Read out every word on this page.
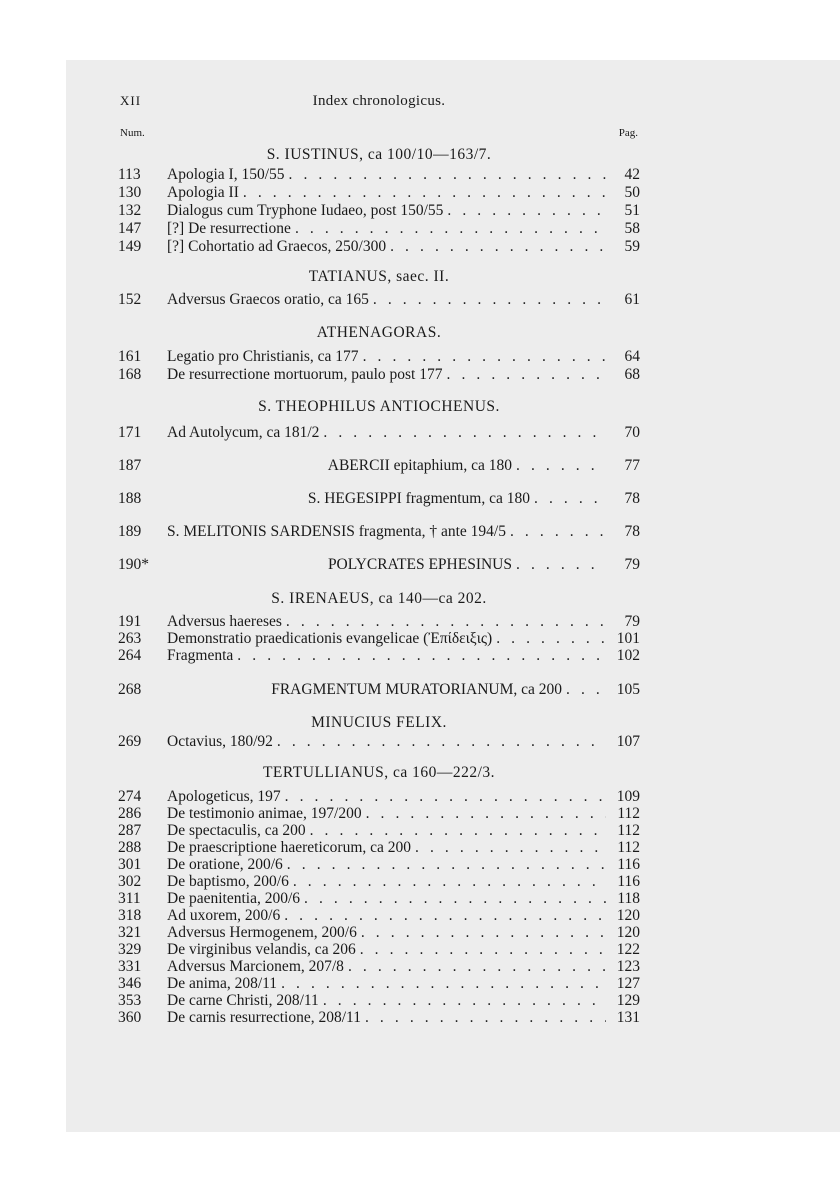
XII	Index chronologicus.
Num.	Pag.
S. IUSTINUS, ca 100/10—163/7.
113	Apologia I, 150/55 . . .	42
130	Apologia II . . .	50
132	Dialogus cum Tryphone Iudaeo, post 150/55 . . .	51
147	[?] De resurrectione . . .	58
149	[?] Cohortatio ad Graecos, 250/300 . . .	59
TATIANUS, saec. II.
152	Adversus Graecos oratio, ca 165 . . .	61
ATHENAGORAS.
161	Legatio pro Christianis, ca 177 . . .	64
168	De resurrectione mortuorum, paulo post 177 . . .	68
S. THEOPHILUS ANTIOCHENUS.
171	Ad Autolycum, ca 181/2 . . .	70
187	ABERCII epitaphium, ca 180 . . .	77
188	S. HEGESIPPI fragmentum, ca 180 . . .	78
189	S. MELITONIS SARDENSIS fragmenta, † ante 194/5 . . .	78
190*	POLYCRATES EPHESINUS . . .	79
S. IRENAEUS, ca 140—ca 202.
191	Adversus haereses . . .	79
263	Demonstratio praedicationis evangelicae (Ἐπίδειξις) . . .	101
264	Fragmenta . . .	102
268	FRAGMENTUM MURATORIANUM, ca 200 . . .	105
MINUCIUS FELIX.
269	Octavius, 180/92 . . .	107
TERTULLIANUS, ca 160—222/3.
274	Apologeticus, 197 . . .	109
286	De testimonio animae, 197/200 . . .	112
287	De spectaculis, ca 200 . . .	112
288	De praescriptione haereticorum, ca 200 . . .	112
301	De oratione, 200/6 . . .	116
302	De baptismo, 200/6 . . .	116
311	De paenitentia, 200/6 . . .	118
318	Ad uxorem, 200/6 . . .	120
321	Adversus Hermogenem, 200/6 . . .	120
329	De virginibus velandis, ca 206 . . .	122
331	Adversus Marcionem, 207/8 . . .	123
346	De anima, 208/11 . . .	127
353	De carne Christi, 208/11 . . .	129
360	De carnis resurrectione, 208/11 . . .	131
